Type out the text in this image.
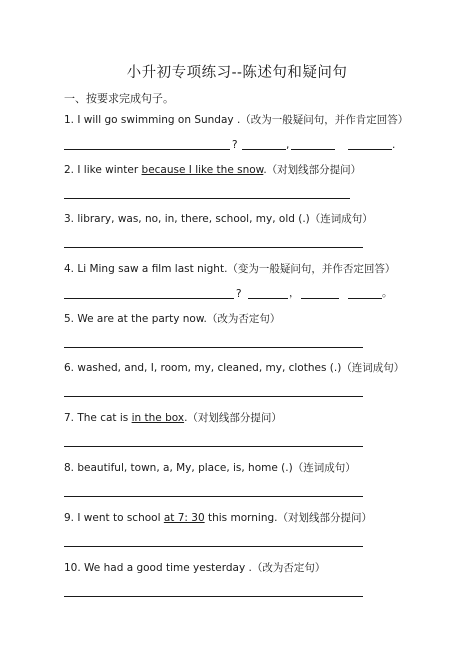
小升初专项练习--陈述句和疑问句
一、按要求完成句子。
1. I will go swimming on Sunday .（改为一般疑问句，并作肯定回答）
?	,	.
2. I like winter because I like the snow.（对划线部分提问）
3. library, was, no, in, there, school, my, old (.)（连词成句）
4. Li Ming saw a film last night.（变为一般疑问句，并作否定回答）
?	，	。
5. We are at the party now.（改为否定句）
6. washed, and, I, room, my, cleaned, my, clothes (.)（连词成句）
7. The cat is in the box.（对划线部分提问）
8. beautiful, town, a, My, place, is, home (.)（连词成句）
9. I went to school at 7: 30 this morning.（对划线部分提问）
10. We had a good time yesterday .（改为否定句）
